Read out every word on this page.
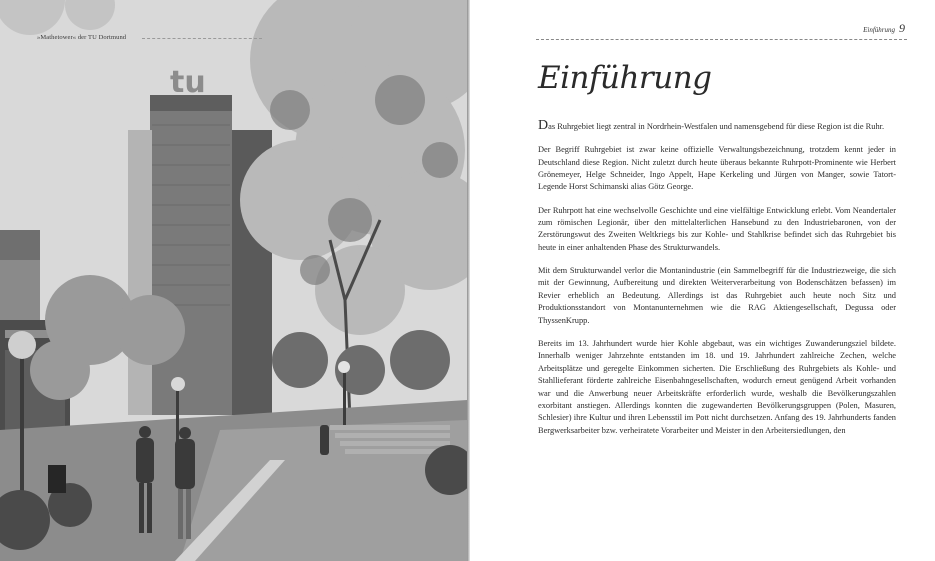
tu
»Mathetower« der TU Dortmund
Einführung 9
Einführung

Das Ruhrgebiet liegt zentral in Nordrhein-Westfalen und namensgebend für diese Region ist die Ruhr.

Der Begriff Ruhrgebiet ist zwar keine offizielle Verwaltungsbezeichnung, trotzdem kennt jeder in Deutschland diese Region. Nicht zuletzt durch heute überaus bekannte Ruhrpott-Prominente wie Herbert Grönemeyer, Helge Schneider, Ingo Appelt, Hape Kerkeling und Jürgen von Manger, sowie Tatort-Legende Horst Schimanski alias Götz George.

Der Ruhrpott hat eine wechselvolle Geschichte und eine vielfältige Entwicklung erlebt. Vom Neandertaler zum römischen Legionär, über den mittelalterlichen Hansebund zu den Industriebaronen, von der Zerstörungswut des Zweiten Weltkriegs bis zur Kohle- und Stahlkrise befindet sich das Ruhrgebiet bis heute in einer anhaltenden Phase des Strukturwandels.

Mit dem Strukturwandel verlor die Montanindustrie (ein Sammelbegriff für die Industriezweige, die sich mit der Gewinnung, Aufbereitung und direkten Weiterverarbeitung von Bodenschätzen befassen) im Revier erheblich an Bedeutung. Allerdings ist das Ruhrgebiet auch heute noch Sitz und Produktionsstandort von Montanunternehmen wie die RAG Aktiengesellschaft, Degussa oder ThyssenKrupp.

Bereits im 13. Jahrhundert wurde hier Kohle abgebaut, was ein wichtiges Zuwanderungsziel bildete. Innerhalb weniger Jahrzehnte entstanden im 18. und 19. Jahrhundert zahlreiche Zechen, welche Arbeitsplätze und geregelte Einkommen sicherten. Die Erschließung des Ruhrgebiets als Kohle- und Stahllieferant förderte zahlreiche Eisenbahngesellschaften, wodurch erneut genügend Arbeit vorhanden war und die Anwerbung neuer Arbeitskräfte erforderlich wurde, weshalb die Bevölkerungszahlen exorbitant anstiegen. Allerdings konnten die zugewanderten Bevölkerungsgruppen (Polen, Masuren, Schlesier) ihre Kultur und ihren Lebensstil im Pott nicht durchsetzen. Anfang des 19. Jahrhunderts fanden Bergwerksarbeiter bzw. verheiratete Vorarbeiter und Meister in den Arbeitersiedlungen, den
